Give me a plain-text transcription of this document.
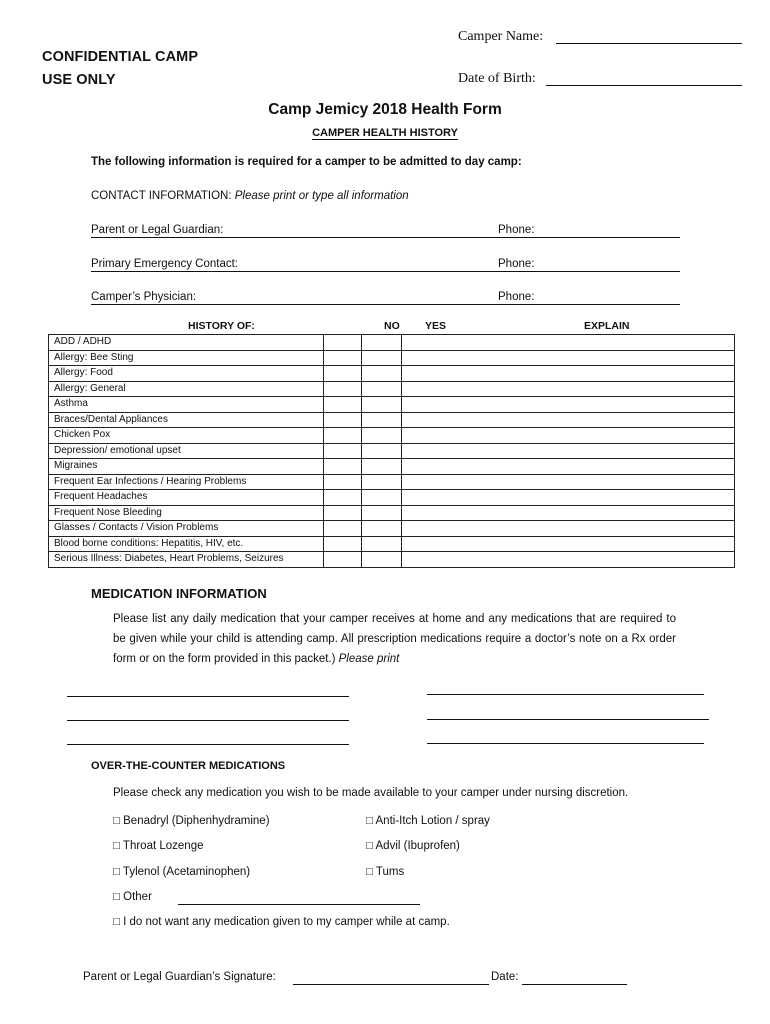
CONFIDENTIAL CAMP
USE ONLY
Camper Name:
Date of Birth:
Camp Jemicy 2018 Health Form
CAMPER HEALTH HISTORY
The following information is required for a camper to be admitted to day camp:
CONTACT INFORMATION: Please print or type all information
Parent or Legal Guardian:	Phone:
Primary Emergency Contact:	Phone:
Camper’s Physician:	Phone:
HISTORY OF:	NO YES	EXPLAIN
ADD / ADHD			
Allergy: Bee Sting			
Allergy: Food			
Allergy: General			
Asthma			
Braces/Dental Appliances			
Chicken Pox			
Depression/ emotional upset			
Migraines			
Frequent Ear Infections / Hearing Problems			
Frequent Headaches			
Frequent Nose Bleeding			
Glasses / Contacts / Vision Problems			
Blood borne conditions: Hepatitis, HIV, etc.			
Serious Illness: Diabetes, Heart Problems, Seizures			
MEDICATION INFORMATION
Please list any daily medication that your camper receives at home and any medications that are required to be given while your child is attending camp. All prescription medications require a doctor’s note on a Rx order form or on the form provided in this packet.) Please print
OVER-THE-COUNTER MEDICATIONS
Please check any medication you wish to be made available to your camper under nursing discretion.
□ Benadryl (Diphenhydramine)	□ Anti-Itch Lotion / spray
□ Throat Lozenge	□ Advil (Ibuprofen)
□ Tylenol (Acetaminophen)	□ Tums
□ Other
□ I do not want any medication given to my camper while at camp.
Parent or Legal Guardian’s Signature:	Date:
